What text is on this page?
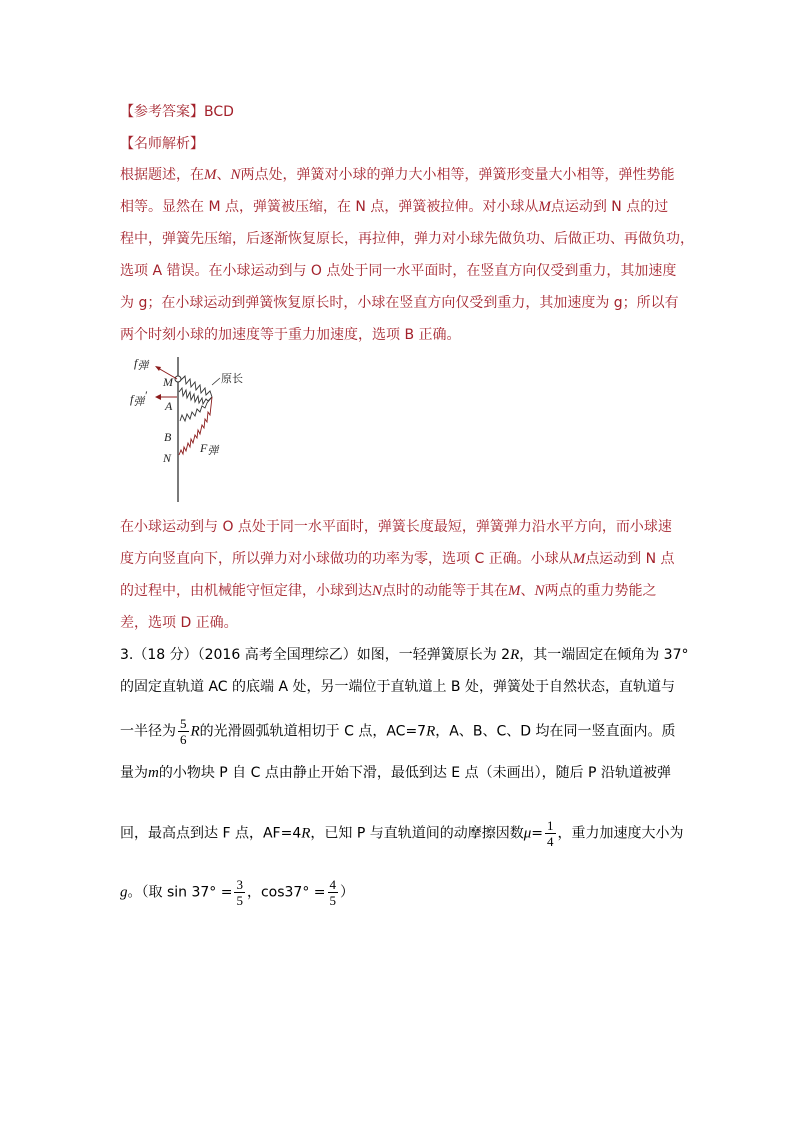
【参考答案】BCD
【名师解析】
根据题述，在M、N两点处，弹簧对小球的弹力大小相等，弹簧形变量大小相等，弹性势能
相等。显然在 M 点，弹簧被压缩，在 N 点，弹簧被拉伸。对小球从M点运动到 N 点的过
程中，弹簧先压缩，后逐渐恢复原长，再拉伸，弹力对小球先做负功、后做正功、再做负功，
选项 A 错误。在小球运动到与 O 点处于同一水平面时，在竖直方向仅受到重力，其加速度
为 g；在小球运动到弹簧恢复原长时，小球在竖直方向仅受到重力，其加速度为 g；所以有
两个时刻小球的加速度等于重力加速度，选项 B 正确。
f弹
f弹′
M
A
B
N
F弹
原长
在小球运动到与 O 点处于同一水平面时，弹簧长度最短，弹簧弹力沿水平方向，而小球速
度方向竖直向下，所以弹力对小球做功的功率为零，选项 C 正确。小球从M点运动到 N 点
的过程中，由机械能守恒定律，小球到达N点时的动能等于其在M、N两点的重力势能之
差，选项 D 正确。
3.（18 分）（2016 高考全国理综乙）如图，一轻弹簧原长为 2R，其一端固定在倾角为 37°
的固定直轨道 AC 的底端 A 处，另一端位于直轨道上 B 处，弹簧处于自然状态，直轨道与
一半径为 $\frac{5}{6}$ R的光滑圆弧轨道相切于 C 点，AC=7R，A、B、C、D 均在同一竖直面内。质
量为m的小物块 P 自 C 点由静止开始下滑，最低到达 E 点（未画出），随后 P 沿轨道被弹
回，最高点到达 F 点，AF=4R，已知 P 与直轨道间的动摩擦因数$\mu= \frac{1}{4}$ ，重力加速度大小为
g。（取 $\sin 37^\circ = \frac{3}{5}$ ，$\cos 37^\circ = \frac{4}{5}$ ）
